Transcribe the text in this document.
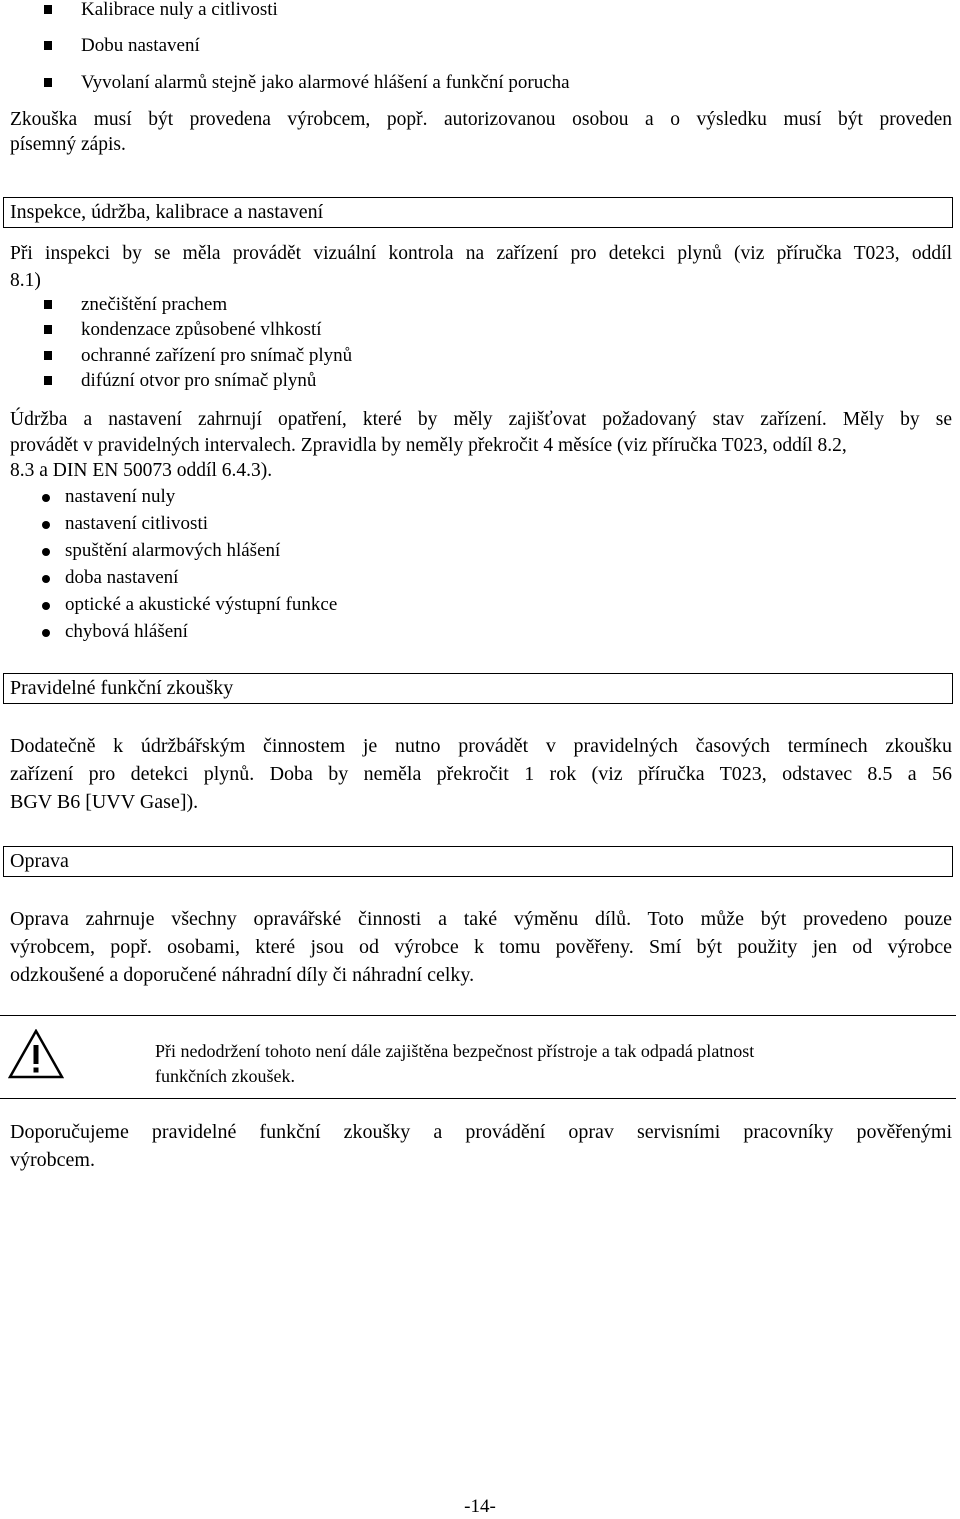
Kalibrace nuly a citlivosti
Dobu nastavení
Vyvolaní alarmů stejně jako alarmové hlášení a funkční porucha
Zkouška musí být provedena výrobcem, popř. autorizovanou osobou a o výsledku musí být proveden
písemný zápis.
Inspekce, údržba, kalibrace a nastavení
Při inspekci by se měla provádět vizuální kontrola na zařízení pro detekci plynů (viz příručka T023, oddíl
8.1)
znečištění prachem
kondenzace způsobené vlhkostí
ochranné zařízení pro snímač plynů
difúzní otvor pro snímač plynů
Údržba a nastavení zahrnují opatření, které by měly zajišťovat požadovaný stav zařízení. Měly by se
provádět v pravidelných intervalech. Zpravidla by neměly překročit 4 měsíce (viz příručka T023, oddíl 8.2,
8.3 a DIN EN 50073 oddíl 6.4.3).
nastavení nuly
nastavení citlivosti
spuštění alarmových hlášení
doba nastavení
optické a akustické výstupní funkce
chybová hlášení
Pravidelné funkční zkoušky
Dodatečně k údržbářským činnostem je nutno provádět v pravidelných časových termínech zkoušku
zařízení pro detekci plynů. Doba by neměla překročit 1 rok (viz příručka T023, odstavec 8.5 a 56
BGV B6 [UVV Gase]).
Oprava
Oprava zahrnuje všechny opravářské činnosti a také výměnu dílů. Toto může být provedeno pouze
výrobcem, popř. osobami, které jsou od výrobce k tomu pověřeny. Smí být použity jen od výrobce
odzkoušené a doporučené náhradní díly či náhradní celky.
Při nedodržení tohoto není dále zajištěna bezpečnost přístroje a tak odpadá platnost
funkčních zkoušek.
Doporučujeme pravidelné funkční zkoušky a provádění oprav servisními pracovníky pověřenými
výrobcem.
-14-
